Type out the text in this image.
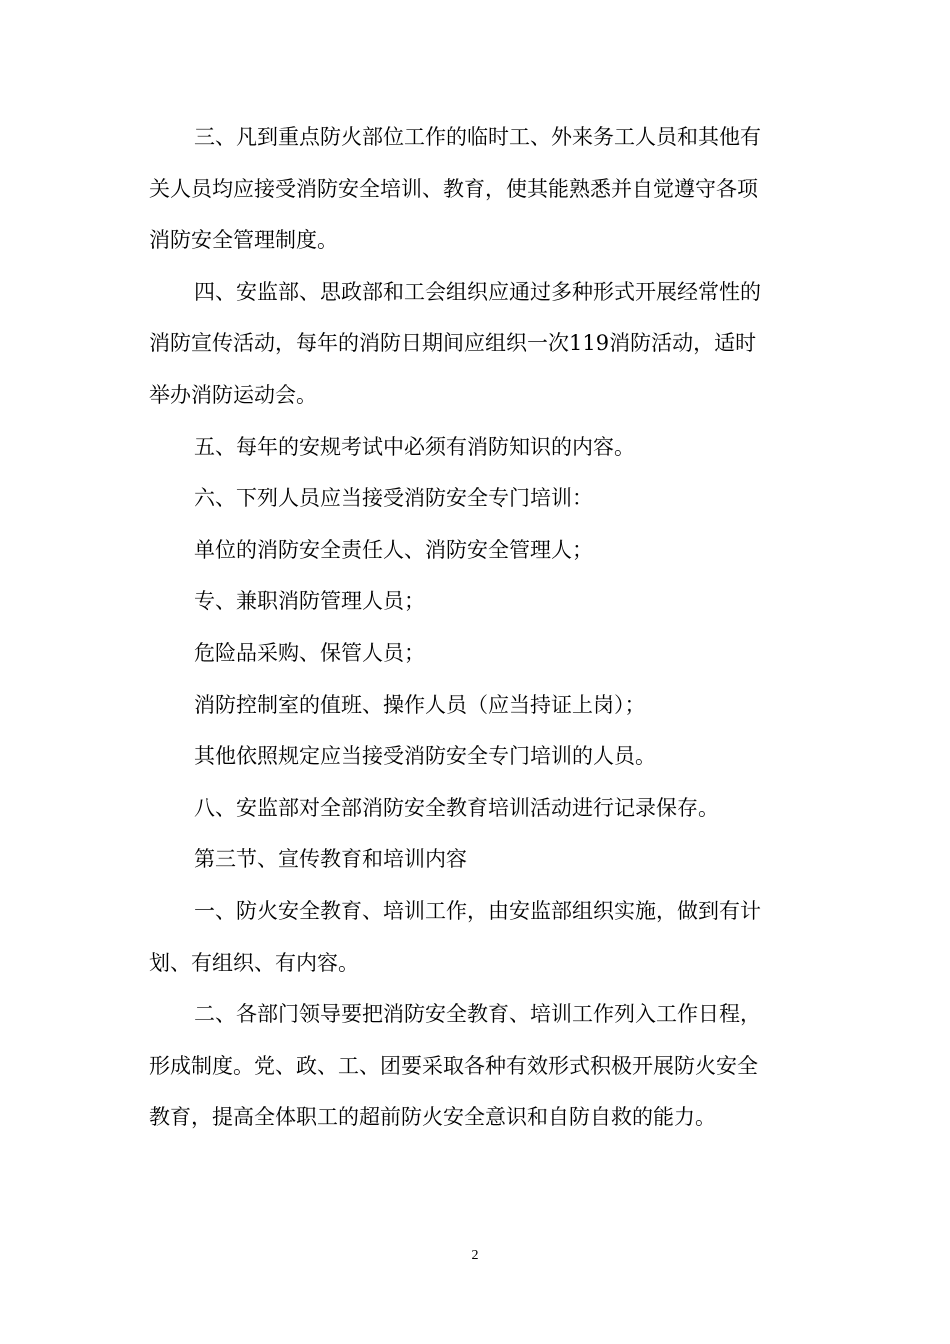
三、凡到重点防火部位工作的临时工、外来务工人员和其他有
关人员均应接受消防安全培训、教育，使其能熟悉并自觉遵守各项
消防安全管理制度。
四、安监部、思政部和工会组织应通过多种形式开展经常性的
消防宣传活动，每年的消防日期间应组织一次119消防活动，适时
举办消防运动会。
五、每年的安规考试中必须有消防知识的内容。
六、下列人员应当接受消防安全专门培训：
单位的消防安全责任人、消防安全管理人；
专、兼职消防管理人员；
危险品采购、保管人员；
消防控制室的值班、操作人员（应当持证上岗）；
其他依照规定应当接受消防安全专门培训的人员。
八、安监部对全部消防安全教育培训活动进行记录保存。
第三节、宣传教育和培训内容
一、防火安全教育、培训工作，由安监部组织实施，做到有计
划、有组织、有内容。
二、各部门领导要把消防安全教育、培训工作列入工作日程，
形成制度。党、政、工、团要采取各种有效形式积极开展防火安全
教育，提高全体职工的超前防火安全意识和自防自救的能力。
2
